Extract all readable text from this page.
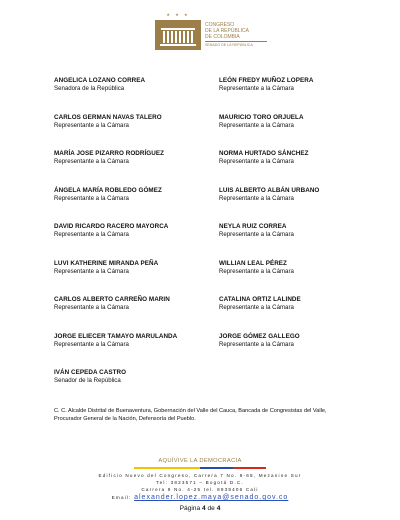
★ ★ ★
CONGRESO
DE LA REPÚBLICA
DE COLOMBIA
SENADO DE LA REPÚBLICA
ANGELICA LOZANO CORREA
Senadora de la República
LEÓN FREDY MUÑOZ LOPERA
Representante a la Cámara
CARLOS GERMAN NAVAS TALERO
Representante a la Cámara
MAURICIO TORO ORJUELA
Representante a la Cámara
MARÍA JOSE PIZARRO RODRÍGUEZ
Representante a la Cámara
NORMA HURTADO SÁNCHEZ
Representante a la Cámara
ÁNGELA MARÍA ROBLEDO GÓMEZ
Representante a la Cámara
LUIS ALBERTO ALBÁN URBANO
Representante a la Cámara
DAVID RICARDO RACERO MAYORCA
Representante a la Cámara
NEYLA RUIZ CORREA
Representante a la Cámara
LUVI KATHERINE MIRANDA PEÑA
Representante a la Cámara
WILLIAN LEAL PÉREZ
Representante a la Cámara
CARLOS ALBERTO CARREÑO MARIN
Representante a la Cámara
CATALINA ORTIZ LALINDE
Representante a la Cámara
JORGE ELIECER TAMAYO MARULANDA
Representante a la Cámara
JORGE GÓMEZ GALLEGO
Representante a la Cámara
IVÁN CEPEDA CASTRO
Senador de la República
C. C. Alcalde Distrital de Buenaventura, Gobernación del Valle del Cauca, Bancada de Congresistas del Valle, Procurador General de la Nación, Defensoría del Pueblo.
AQUÍVIVE LA DEMOCRACIA
Edificio Nuevo del Congreso, Carrera 7 No. 8-68, Mezanine Sur
Tel: 3823571 – Bogotá D.C.
Carrera 9 No. 4-25 tel. 8938406 Cali
Email: alexander.lopez.maya@senado.gov.co
Página 4 de 4
